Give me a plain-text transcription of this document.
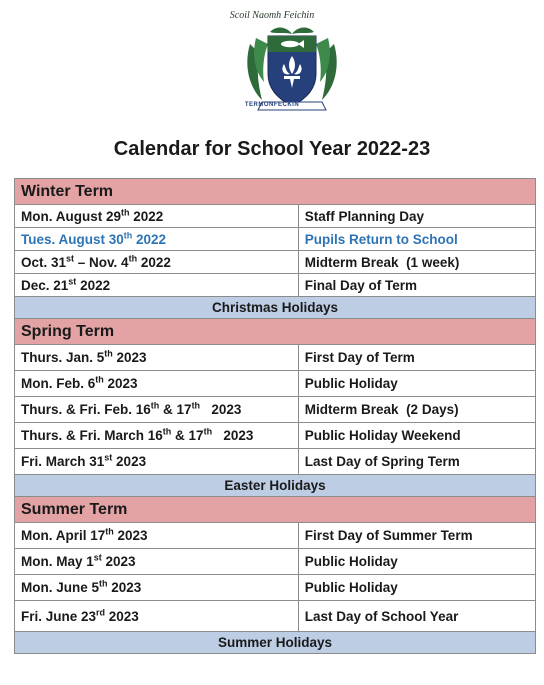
Scoil Naomh Feichin
TERMONFECKIN
Calendar for School Year 2022-23
Winter Term	
Mon. August 29th 2022	Staff Planning Day
Tues. August 30th 2022	Pupils Return to School
Oct. 31st – Nov. 4th 2022	Midterm Break  (1 week)
Dec. 21st 2022	Final Day of Term
Christmas Holidays	
Spring Term	
Thurs. Jan. 5th 2023	First Day of Term
Mon. Feb. 6th 2023	Public Holiday
Thurs. & Fri. Feb. 16th & 17th   2023	Midterm Break  (2 Days)
Thurs. & Fri. March 16th & 17th   2023	Public Holiday Weekend
Fri. March 31st 2023	Last Day of Spring Term
Easter Holidays	
Summer Term	
Mon. April 17th 2023	First Day of Summer Term
Mon. May 1st 2023	Public Holiday
Mon. June 5th 2023	Public Holiday
Fri. June 23rd 2023	Last Day of School Year
Summer Holidays	
